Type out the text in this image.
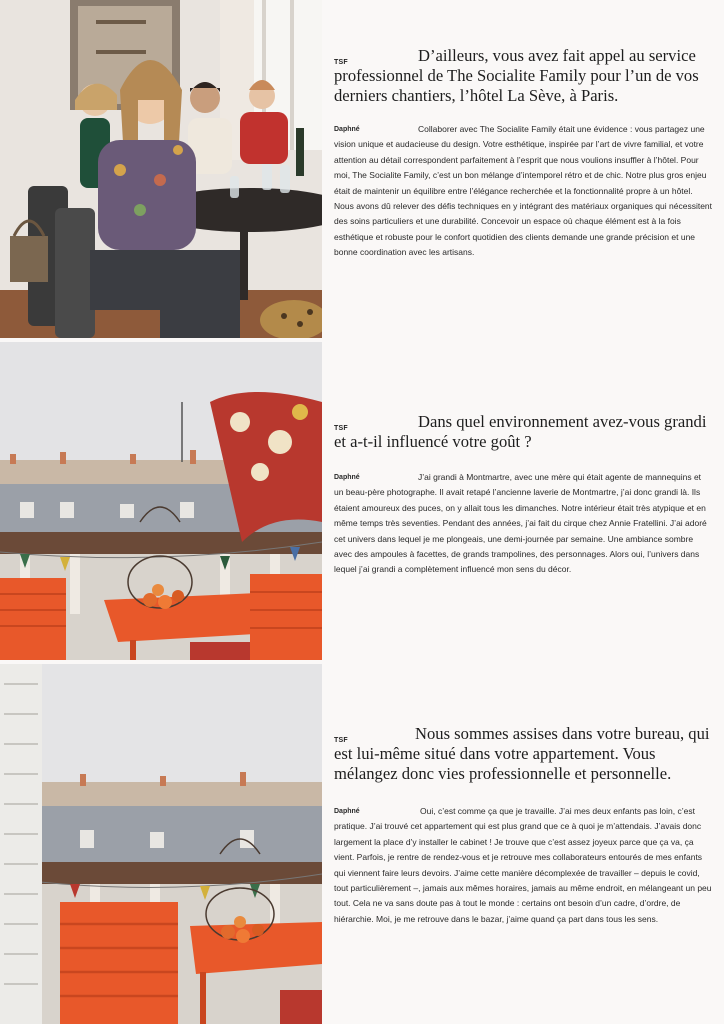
TSF	D’ailleurs, vous avez fait appel au service professionnel de The Socialite Family pour l’un de vos derniers chantiers, l’hôtel La Sève, à Paris.

Daphné	Collaborer avec The Socialite Family était une évidence : vous partagez une vision unique et audacieuse du design. Votre esthétique, inspirée par l’art de vivre familial, et votre attention au détail correspondent parfaitement à l’esprit que nous voulions insuffler à l’hôtel. Pour moi, The Socialite Family, c’est un bon mélange d’intemporel rétro et de chic. Notre plus gros enjeu était de maintenir un équilibre entre l’élégance recherchée et la fonctionnalité propre à un hôtel. Nous avons dû relever des défis techniques en y intégrant des matériaux organiques qui nécessitent des soins particuliers et une durabilité. Concevoir un espace où chaque élément est à la fois esthétique et robuste pour le confort quotidien des clients demande une grande précision et une bonne coordination avec les artisans.

TSF	Dans quel environnement avez-vous grandi et a-t-il influencé votre goût ?

Daphné	J’ai grandi à Montmartre, avec une mère qui était agente de mannequins et un beau-père photographe. Il avait retapé l’ancienne laverie de Montmartre, j’ai donc grandi là. Ils étaient amoureux des puces, on y allait tous les dimanches. Notre intérieur était très atypique et en même temps très seventies. Pendant des années, j’ai fait du cirque chez Annie Fratellini. J’ai adoré cet univers dans lequel je me plongeais, une demi-journée par semaine. Une ambiance sombre avec des ampoules à facettes, de grands trampolines, des personnages. Alors oui, l’univers dans lequel j’ai grandi a complètement influencé mon sens du décor.

TSF	Nous sommes assises dans votre bureau, qui est lui-même situé dans votre appartement. Vous mélangez donc vies professionnelle et personnelle.

Daphné	Oui, c’est comme ça que je travaille. J’ai mes deux enfants pas loin, c’est pratique. J’ai trouvé cet appartement qui est plus grand que ce à quoi je m’attendais. J’avais donc largement la place d’y installer le cabinet ! Je trouve que c’est assez joyeux parce que ça va, ça vient. Parfois, je rentre de rendez-vous et je retrouve mes collaborateurs entourés de mes enfants qui viennent faire leurs devoirs. J’aime cette manière décomplexée de travailler – depuis le covid, tout particulièrement –, jamais aux mêmes horaires, jamais au même endroit, en mélangeant un peu tout. Cela ne va sans doute pas à tout le monde : certains ont besoin d’un cadre, d’ordre, de hiérarchie. Moi, je me retrouve dans le bazar, j’aime quand ça part dans tous les sens.
